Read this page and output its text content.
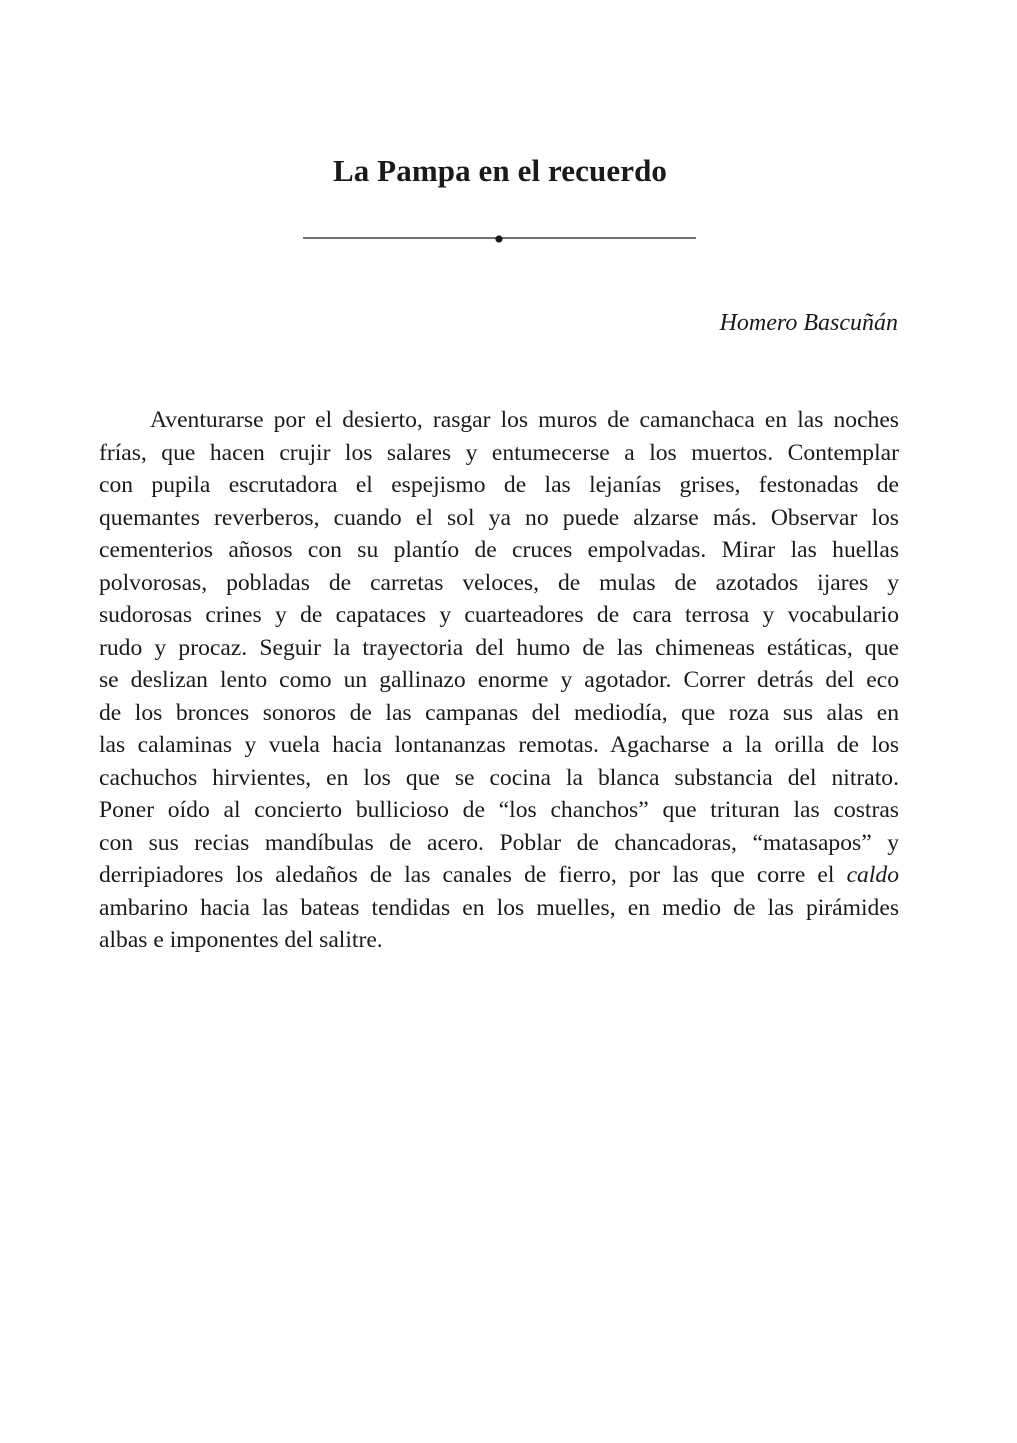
La Pampa en el recuerdo

Homero Bascuñán

Aventurarse por el desierto, rasgar los muros de camanchaca en las noches
frías, que hacen crujir los salares y entumecerse a los muertos. Contemplar
con pupila escrutadora el espejismo de las lejanías grises, festonadas de
quemantes reverberos, cuando el sol ya no puede alzarse más. Observar los
cementerios añosos con su plantío de cruces empolvadas. Mirar las huellas
polvorosas, pobladas de carretas veloces, de mulas de azotados ijares y
sudorosas crines y de capataces y cuarteadores de cara terrosa y vocabulario
rudo y procaz. Seguir la trayectoria del humo de las chimeneas estáticas, que
se deslizan lento como un gallinazo enorme y agotador. Correr detrás del eco
de los bronces sonoros de las campanas del mediodía, que roza sus alas en
las calaminas y vuela hacia lontananzas remotas. Agacharse a la orilla de los
cachuchos hirvientes, en los que se cocina la blanca substancia del nitrato.
Poner oído al concierto bullicioso de “los chanchos” que trituran las costras
con sus recias mandíbulas de acero. Poblar de chancadoras, “matasapos” y
derripiadores los aledaños de las canales de fierro, por las que corre el caldo
ambarino hacia las bateas tendidas en los muelles, en medio de las pirámides
albas e imponentes del salitre.
